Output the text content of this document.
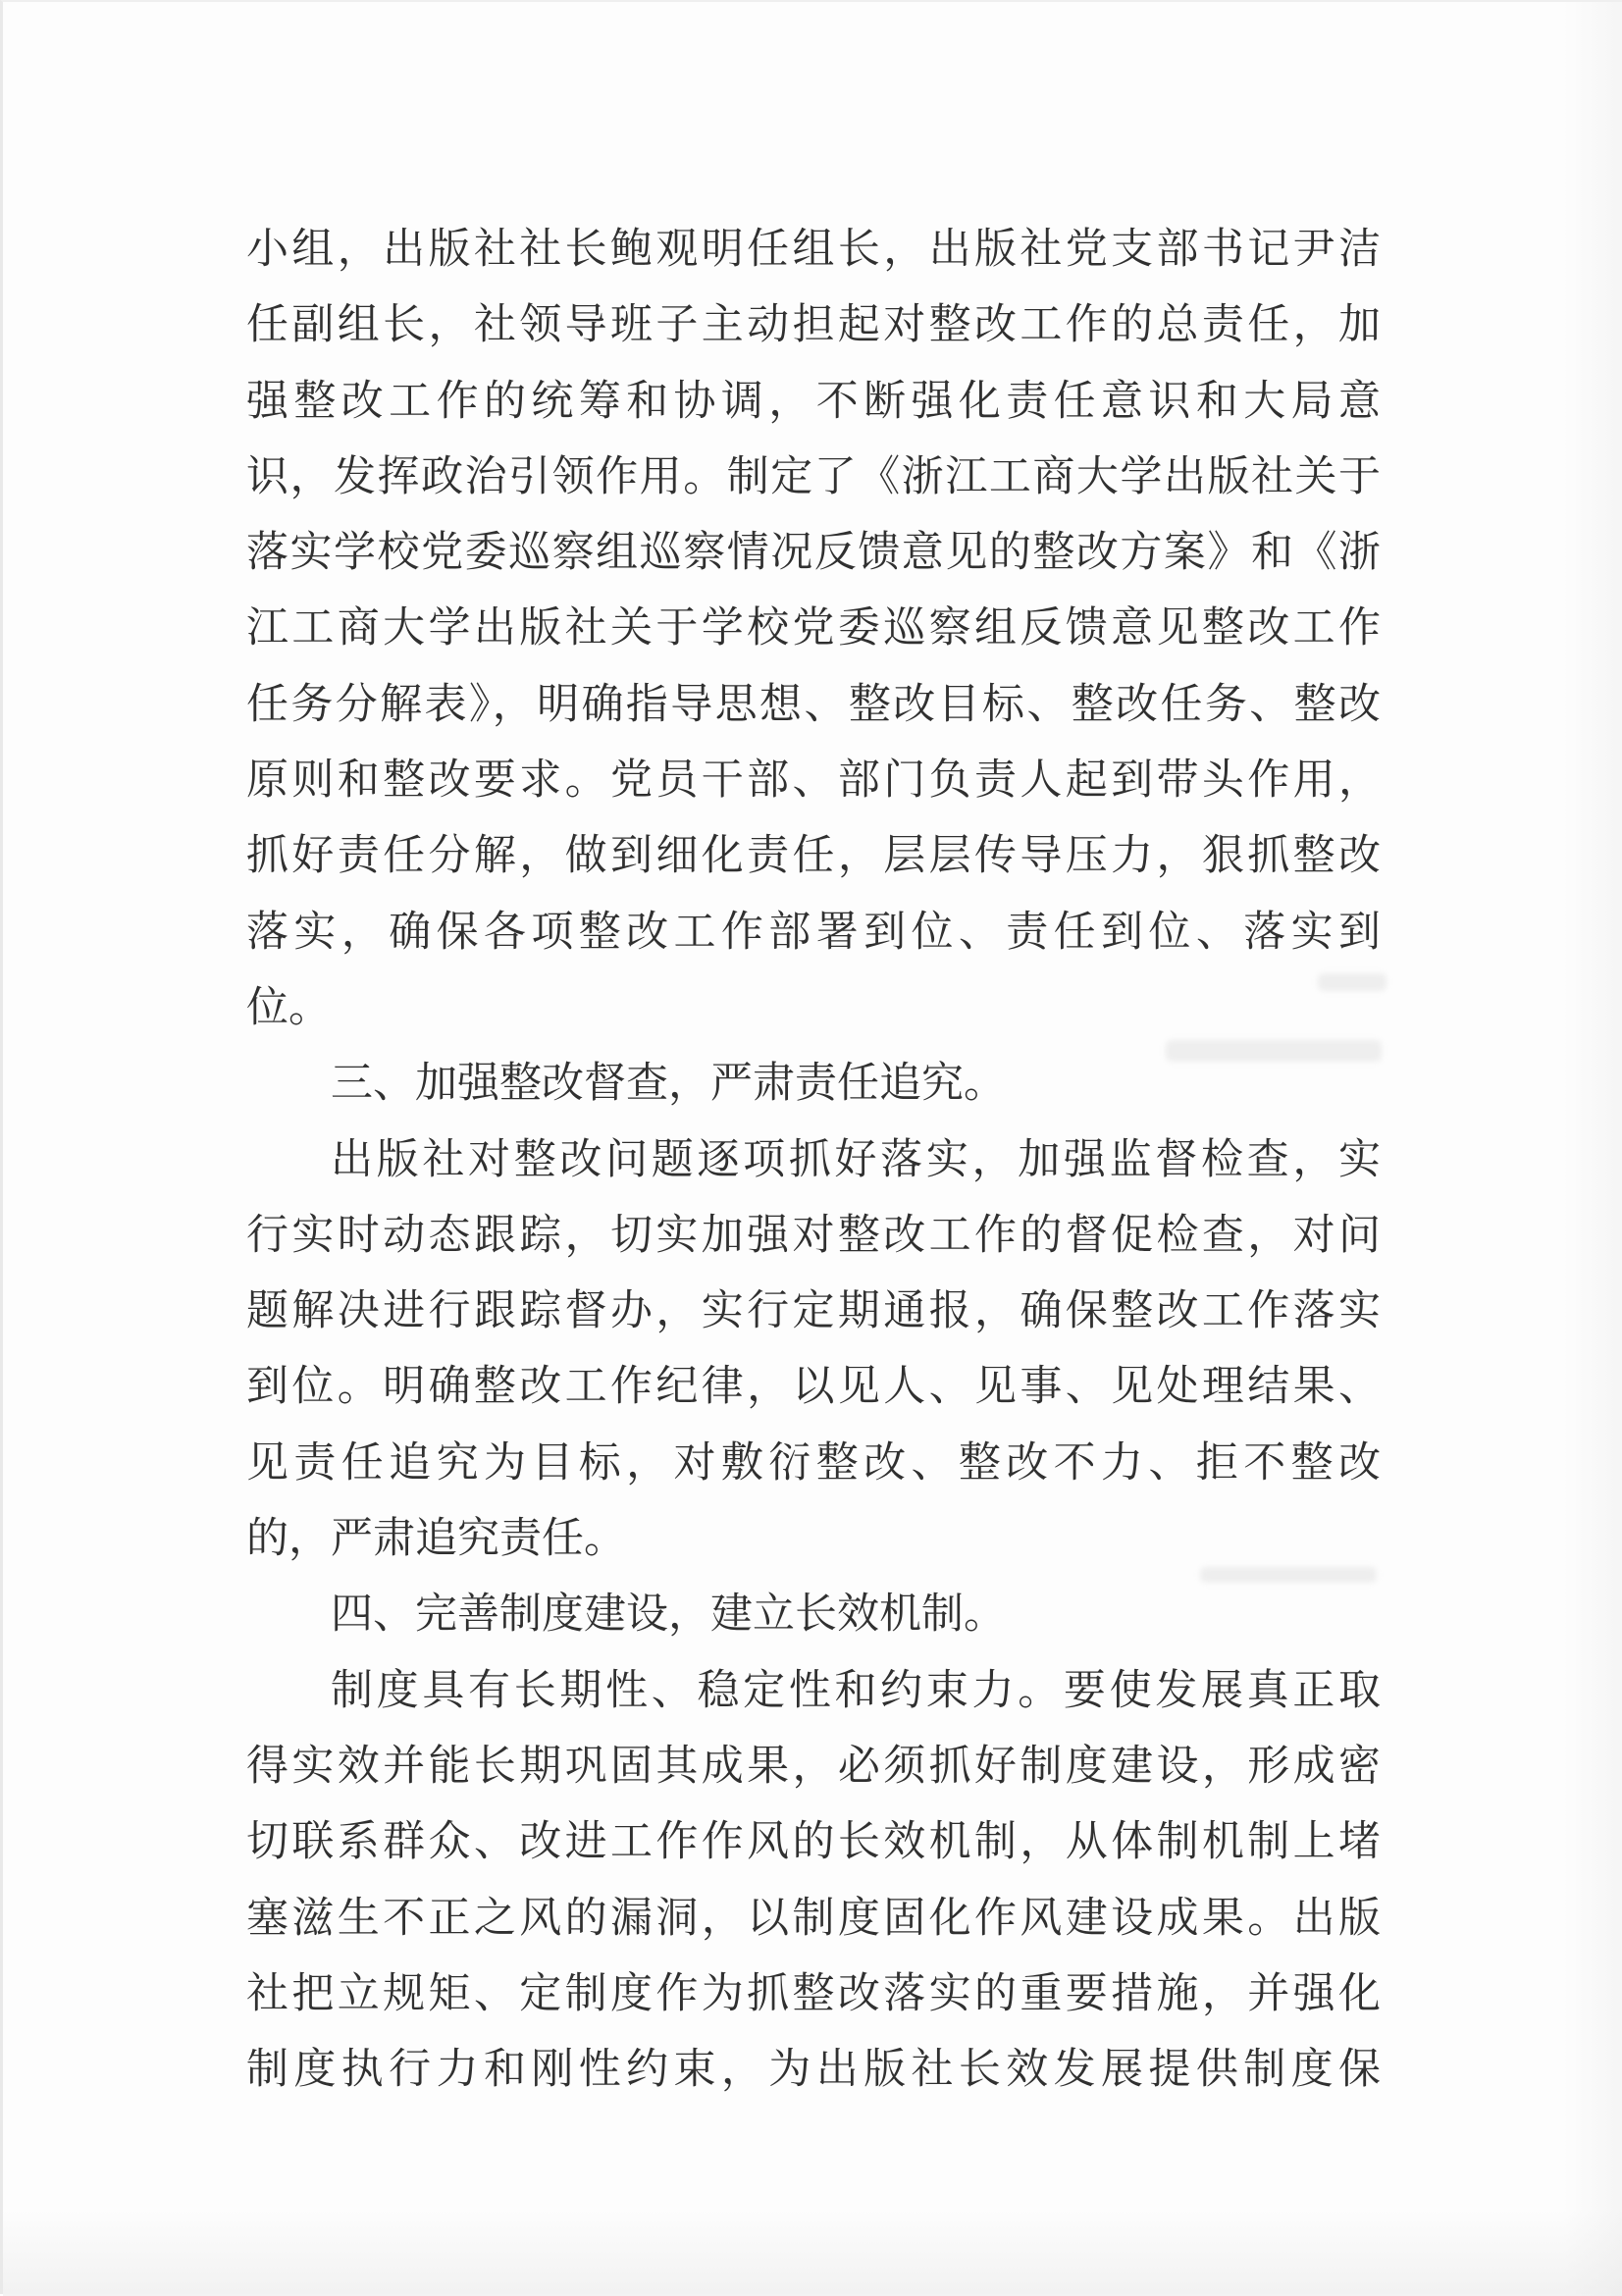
小组，出版社社长鲍观明任组长，出版社党支部书记尹洁
任副组长，社领导班子主动担起对整改工作的总责任，加
强整改工作的统筹和协调，不断强化责任意识和大局意
识，发挥政治引领作用。制定了《浙江工商大学出版社关于
落实学校党委巡察组巡察情况反馈意见的整改方案》和《浙
江工商大学出版社关于学校党委巡察组反馈意见整改工作
任务分解表》，明确指导思想、整改目标、整改任务、整改
原则和整改要求。党员干部、部门负责人起到带头作用，
抓好责任分解，做到细化责任，层层传导压力，狠抓整改
落实，确保各项整改工作部署到位、责任到位、落实到
位。
三、加强整改督查，严肃责任追究。
出版社对整改问题逐项抓好落实，加强监督检查，实
行实时动态跟踪，切实加强对整改工作的督促检查，对问
题解决进行跟踪督办，实行定期通报，确保整改工作落实
到位。明确整改工作纪律，以见人、见事、见处理结果、
见责任追究为目标，对敷衍整改、整改不力、拒不整改
的，严肃追究责任。
四、完善制度建设，建立长效机制。
制度具有长期性、稳定性和约束力。要使发展真正取
得实效并能长期巩固其成果，必须抓好制度建设，形成密
切联系群众、改进工作作风的长效机制，从体制机制上堵
塞滋生不正之风的漏洞，以制度固化作风建设成果。出版
社把立规矩、定制度作为抓整改落实的重要措施，并强化
制度执行力和刚性约束，为出版社长效发展提供制度保
